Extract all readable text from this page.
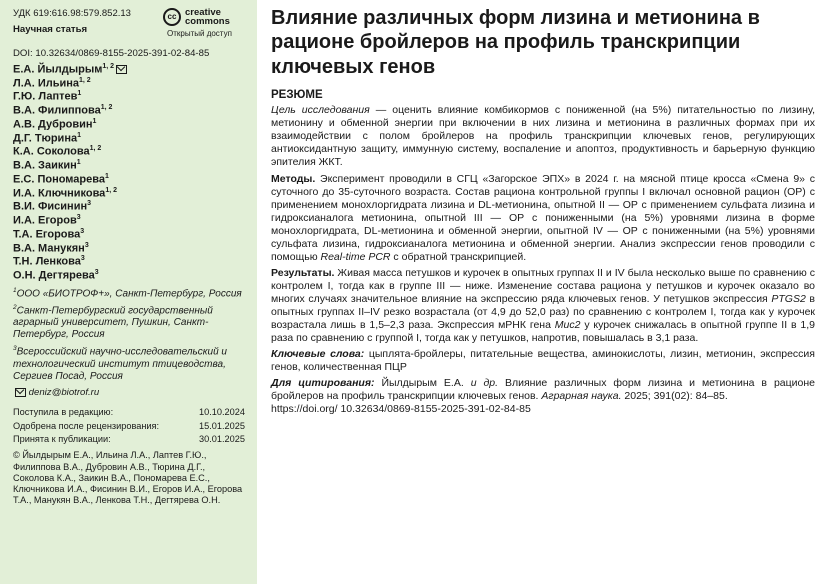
УДК 619:616.98:579.852.13
Научная статья
cc creative
commons
Открытый доступ
DOI: 10.32634/0869-8155-2025-391-02-84-85
Е.А. Йылдырым$^{1, 2}$
Л.А. Ильина$^{1, 2}$
Г.Ю. Лаптев$^1$
В.А. Филиппова$^{1, 2}$
А.В. Дубровин$^1$
Д.Г. Тюрина$^1$
К.А. Соколова$^{1, 2}$
В.А. Заикин$^1$
Е.С. Пономарева$^1$
И.А. Ключникова$^{1, 2}$
В.И. Фисинин$^3$
И.А. Егоров$^3$
Т.А. Егорова$^3$
В.А. Манукян$^3$
Т.Н. Ленкова$^3$
О.Н. Дегтярева$^3$
$^1$ООО «БИОТРОФ+», Санкт-Петербург, Россия
$^2$Санкт-Петербургский государственный аграрный университет, Пушкин, Санкт-Петербург, Россия
$^3$Всероссийский научно-исследовательский и технологический институт птицеводства, Сергиев Посад, Россия
deniz@biotrof.ru
Поступила в редакцию:	10.10.2024
Одобрена после рецензирования:	15.01.2025
Принята к публикации:	30.01.2025
© Йылдырым Е.А., Ильина Л.А., Лаптев Г.Ю., Филиппова В.А., Дубровин А.В., Тюрина Д.Г., Соколова К.А., Заикин В.А., Пономарева Е.С., Ключникова И.А., Фисинин В.И., Егоров И.А., Егорова Т.А., Манукян В.А., Ленкова Т.Н., Дегтярева О.Н.
Влияние различных форм лизина и метионина в рационе бройлеров на профиль транскрипции ключевых генов
РЕЗЮМЕ
Цель исследования — оценить влияние комбикормов с пониженной (на 5%) питательностью по лизину, метионину и обменной энергии при включении в них лизина и метионина в различных формах при их взаимодействии с полом бройлеров на профиль транскрипции ключевых генов, регулирующих антиоксидантную защиту, иммунную систему, воспаление и апоптоз, продуктивность и барьерную функцию эпителия ЖКТ.
Методы. Эксперимент проводили в СГЦ «Загорское ЭПХ» в 2024 г. на мясной птице кросса «Смена 9» с суточного до 35-суточного возраста. Состав рациона контрольной группы I включал основной рацион (ОР) с применением монохлоргидрата лизина и DL-метионина, опытной II — ОР с применением сульфата лизина и гидроксианалога метионина, опытной III — ОР с пониженными (на 5%) уровнями лизина в форме монохлоргидрата, DL-метионина и обменной энергии, опытной IV — ОР с пониженными (на 5%) уровнями сульфата лизина, гидроксианалога метионина и обменной энергии. Анализ экспрессии генов проводили с помощью Real-time PCR с обратной транскрипцией.
Результаты. Живая масса петушков и курочек в опытных группах II и IV была несколько выше по сравнению с контролем I, тогда как в группе III — ниже. Изменение состава рациона у петушков и курочек оказало во многих случаях значительное влияние на экспрессию ряда ключевых генов. У петушков экспрессия PTGS2 в опытных группах II–IV резко возрастала (от 4,9 до 52,0 раз) по сравнению с контролем I, тогда как у курочек возрастала лишь в 1,5–2,3 раза. Экспрессия мРНК гена Muc2 у курочек снижалась в опытной группе II в 1,9 раза по сравнению с группой I, тогда как у петушков, напротив, повышалась в 3,1 раза.
Ключевые слова: цыплята-бройлеры, питательные вещества, аминокислоты, лизин, метионин, экспрессия генов, количественная ПЦР
Для цитирования: Йылдырым Е.А. и др. Влияние различных форм лизина и метионина в рационе бройлеров на профиль транскрипции ключевых генов. Аграрная наука. 2025; 391(02): 84–85.
https://doi.org/ 10.32634/0869-8155-2025-391-02-84-85
